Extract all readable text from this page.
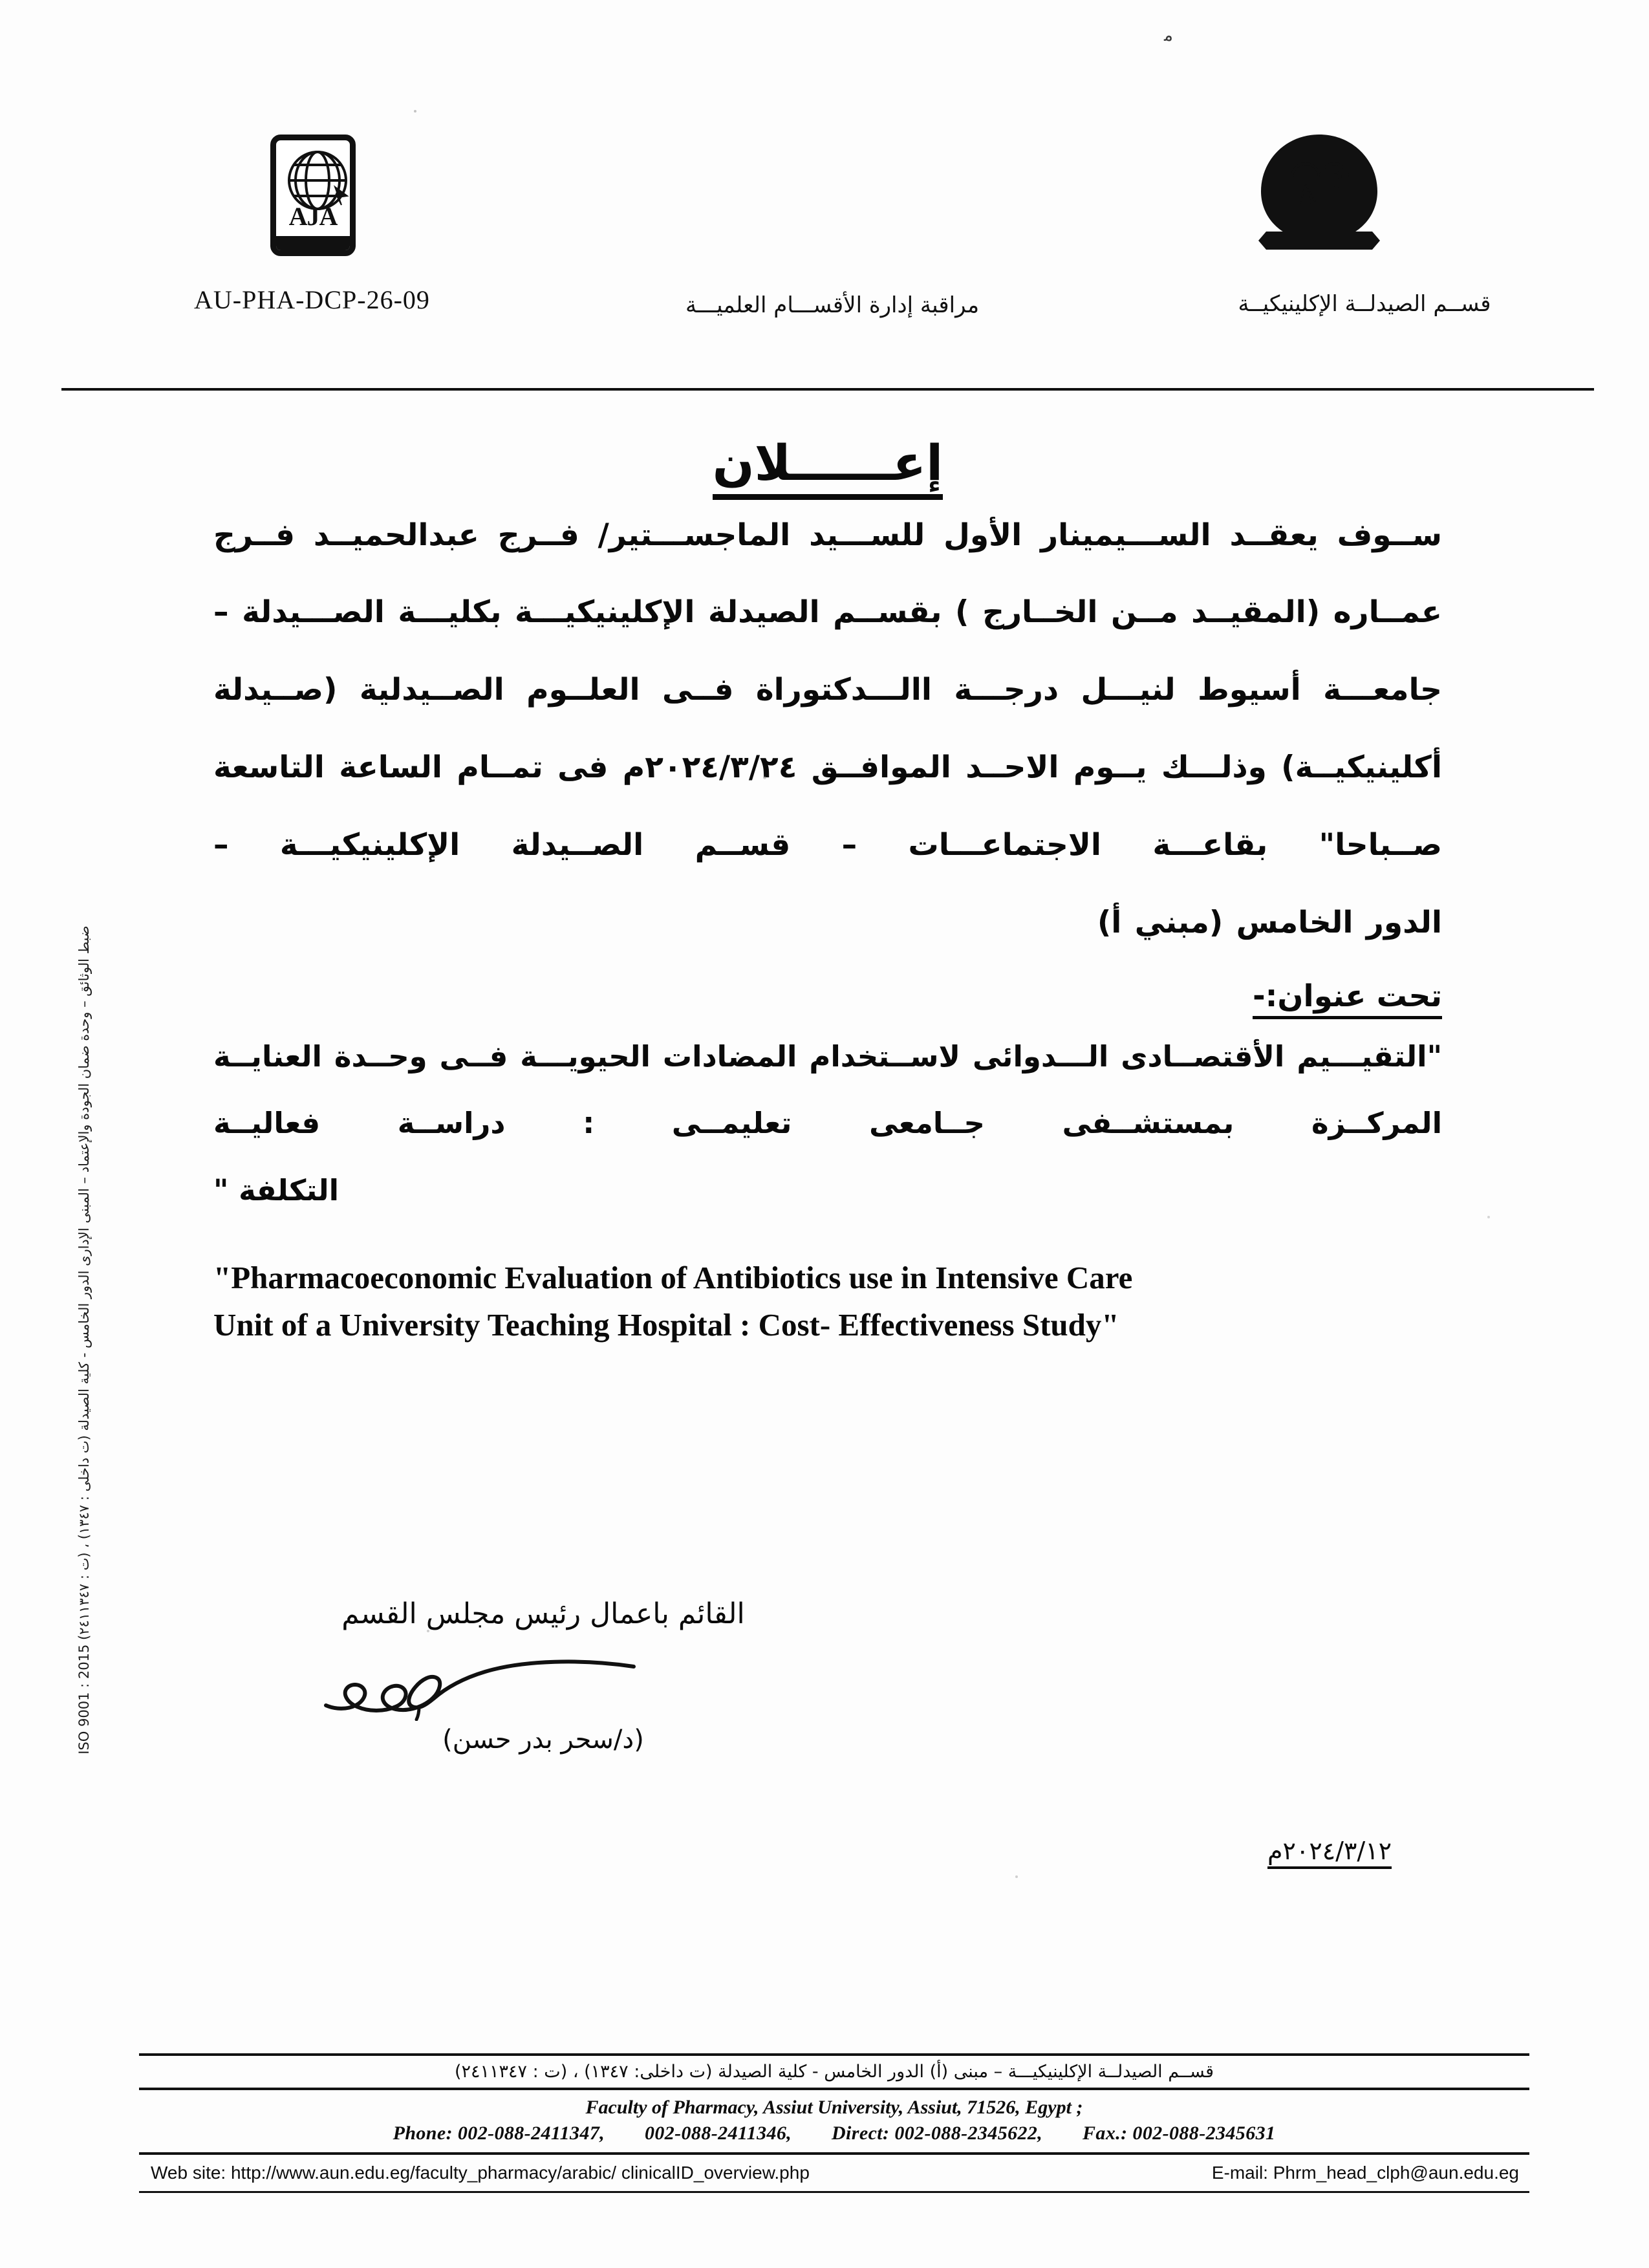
ﻣ
AJA
AU-PHA-DCP-26-09	مراقبة إدارة الأقســـام العلميـــة	قســم الصيدلــة الإكلينيكيــة
ضبط الوثائق – وحدة ضمان الجودة والإعتماد – المبنى الإدارى الدور الخامس - كلية الصيدلة (ت داخلى : ١٣٤٧) ، (ت : ٢٤١١٣٤٧) ISO 9001 : 2015
إعــــــلان
ســوف يعقــد الســـيمينار الأول للســـيد الماجســـتير/ فــرج عبدالحميــد فــرج عمــاره (المقيــد مــن الخــارج ) بقســم الصيدلة الإكلينيكيـــة بكليـــة الصـــيدلة – جامعـــة أسيوط لنيـــل درجـــة االـــدكتوراة فــى العلــوم الصــيدلية (صــيدلة أكلينيكيــة) وذلـــك يــوم الاحــد الموافــق ٢٠٢٤/٣/٢٤م فى تمــام الساعة التاسعة صــباحا" بقاعـــة الاجتماعـــات – قســم الصــيدلة الإكلينيكيـــة –
الدور الخامس (مبني أ)
تحت عنوان:-
"التقيـــيم الأقتصــادى الـــدوائى لاســتخدام المضادات الحيويـــة فــى وحــدة العنايــة المركــزة بمستشــفى جــامعى تعليمــى : دراســة فعاليــة
التكلفة "
"Pharmacoeconomic Evaluation of Antibiotics use in Intensive Care
Unit of a University Teaching Hospital : Cost- Effectiveness Study"
القائم باعمال رئيس مجلس القسم
(د/سحر بدر حسن)
٢٠٢٤/٣/١٢م
قســم الصيدلــة الإكلينيكيـــة – مبنى (أ) الدور الخامس - كلية الصيدلة (ت داخلى: ١٣٤٧) ، (ت : ٢٤١١٣٤٧)
Faculty of Pharmacy, Assiut University, Assiut, 71526, Egypt ;
Phone: 002-088-2411347, 002-088-2411346, Direct: 002-088-2345622, Fax.: 002-088-2345631
Web site: http://www.aun.edu.eg/faculty_pharmacy/arabic/ clinicalID_overview.php	E-mail: Phrm_head_clph@aun.edu.eg
